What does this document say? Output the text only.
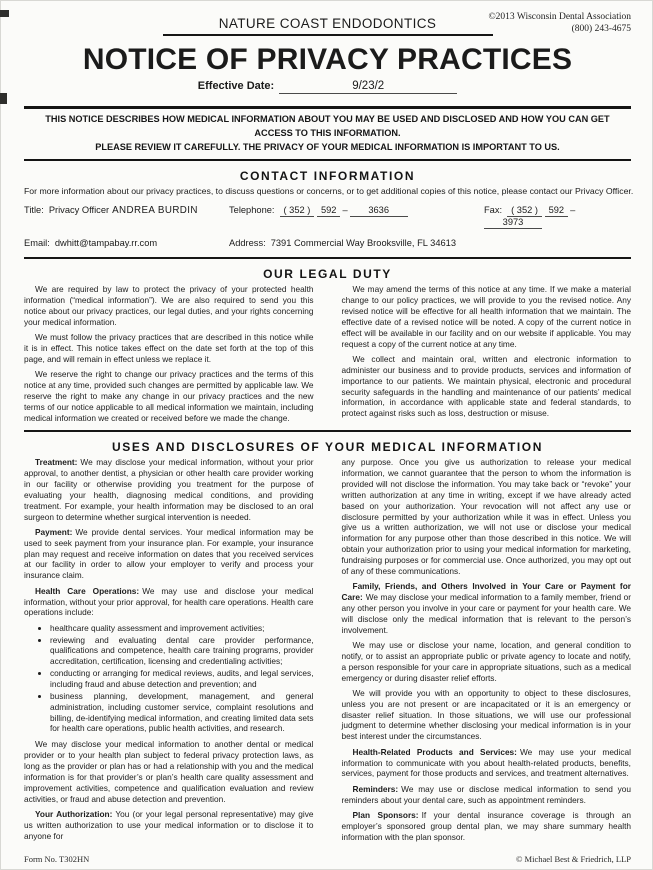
©2013 Wisconsin Dental Association
(800) 243-4675
NATURE COAST ENDODONTICS
NOTICE OF PRIVACY PRACTICES
Effective Date:	9/23/2
THIS NOTICE DESCRIBES HOW MEDICAL INFORMATION ABOUT YOU MAY BE USED AND DISCLOSED AND HOW YOU CAN GET ACCESS TO THIS INFORMATION.
PLEASE REVIEW IT CAREFULLY. THE PRIVACY OF YOUR MEDICAL INFORMATION IS IMPORTANT TO US.
CONTACT INFORMATION
For more information about our privacy practices, to discuss questions or concerns, or to get additional copies of this notice, please contact our Privacy Officer.
Title: Privacy Officer ANDREA BURDIN	Telephone: ( 352 ) 592 – 3636	Fax: ( 352 ) 592 –3973
Email: dwhitt@tampabay.rr.com	Address: 7391 Commercial Way Brooksville, FL 34613
OUR LEGAL DUTY

We are required by law to protect the privacy of your protected health information (“medical information”). We are also required to send you this notice about our privacy practices, our legal duties, and your rights concerning your medical information.

We must follow the privacy practices that are described in this notice while it is in effect. This notice takes effect on the date set forth at the top of this page, and will remain in effect unless we replace it.

We reserve the right to change our privacy practices and the terms of this notice at any time, provided such changes are permitted by applicable law. We reserve the right to make any change in our privacy practices and the new terms of our notice applicable to all medical information we maintain, including medical information we created or received before we made the change.

We may amend the terms of this notice at any time. If we make a material change to our policy practices, we will provide to you the revised notice. Any revised notice will be effective for all health information that we maintain. The effective date of a revised notice will be noted. A copy of the current notice in effect will be available in our facility and on our website if applicable. You may request a copy of the current notice at any time.

We collect and maintain oral, written and electronic information to administer our business and to provide products, services and information of importance to our patients. We maintain physical, electronic and procedural security safeguards in the handling and maintenance of our patients’ medical information, in accordance with applicable state and federal standards, to protect against risks such as loss, destruction or misuse.

USES AND DISCLOSURES OF YOUR MEDICAL INFORMATION

Treatment: We may disclose your medical information, without your prior approval, to another dentist, a physician or other health care provider working in our facility or otherwise providing you treatment for the purpose of evaluating your health, diagnosing medical conditions, and providing treatment. For example, your health information may be disclosed to an oral surgeon to determine whether surgical intervention is needed.

Payment: We provide dental services. Your medical information may be used to seek payment from your insurance plan. For example, your insurance plan may request and receive information on dates that you received services at our facility in order to allow your employer to verify and process your insurance claim.

Health Care Operations: We may use and disclose your medical information, without your prior approval, for health care operations. Health care operations include:

• healthcare quality assessment and improvement activities;
• reviewing and evaluating dental care provider performance, qualifications and competence, health care training programs, provider accreditation, certification, licensing and credentialing activities;
• conducting or arranging for medical reviews, audits, and legal services, including fraud and abuse detection and prevention; and
• business planning, development, management, and general administration, including customer service, complaint resolutions and billing, de-identifying medical information, and creating limited data sets for health care operations, public health activities, and research.

We may disclose your medical information to another dental or medical provider or to your health plan subject to federal privacy protection laws, as long as the provider or plan has or had a relationship with you and the medical information is for that provider’s or plan’s health care quality assessment and improvement activities, competence and qualification evaluation and review activities, or fraud and abuse detection and prevention.

Your Authorization: You (or your legal personal representative) may give us written authorization to use your medical information or to disclose it to anyone for

any purpose. Once you give us authorization to release your medical information, we cannot guarantee that the person to whom the information is provided will not disclose the information. You may take back or “revoke” your written authorization at any time in writing, except if we have already acted based on your authorization. Your revocation will not affect any use or disclosure permitted by your authorization while it was in effect. Unless you give us a written authorization, we will not use or disclose your medical information for any purpose other than those described in this notice. We will obtain your authorization prior to using your medical information for marketing, fundraising purposes or for commercial use. Once authorized, you may opt out of any of these communications.

Family, Friends, and Others Involved in Your Care or Payment for Care: We may disclose your medical information to a family member, friend or any other person you involve in your care or payment for your health care. We will disclose only the medical information that is relevant to the person’s involvement.

We may use or disclose your name, location, and general condition to notify, or to assist an appropriate public or private agency to locate and notify, a person responsible for your care in appropriate situations, such as a medical emergency or during disaster relief efforts.

We will provide you with an opportunity to object to these disclosures, unless you are not present or are incapacitated or it is an emergency or disaster relief situation. In those situations, we will use our professional judgment to determine whether disclosing your medical information is in your best interest under the circumstances.

Health-Related Products and Services: We may use your medical information to communicate with you about health-related products, benefits, services, payment for those products and services, and treatment alternatives.

Reminders: We may use or disclose medical information to send you reminders about your dental care, such as appointment reminders.

Plan Sponsors: If your dental insurance coverage is through an employer’s sponsored group dental plan, we may share summary health information with the plan sponsor.

Form No. T302HN	© Michael Best & Friedrich, LLP
